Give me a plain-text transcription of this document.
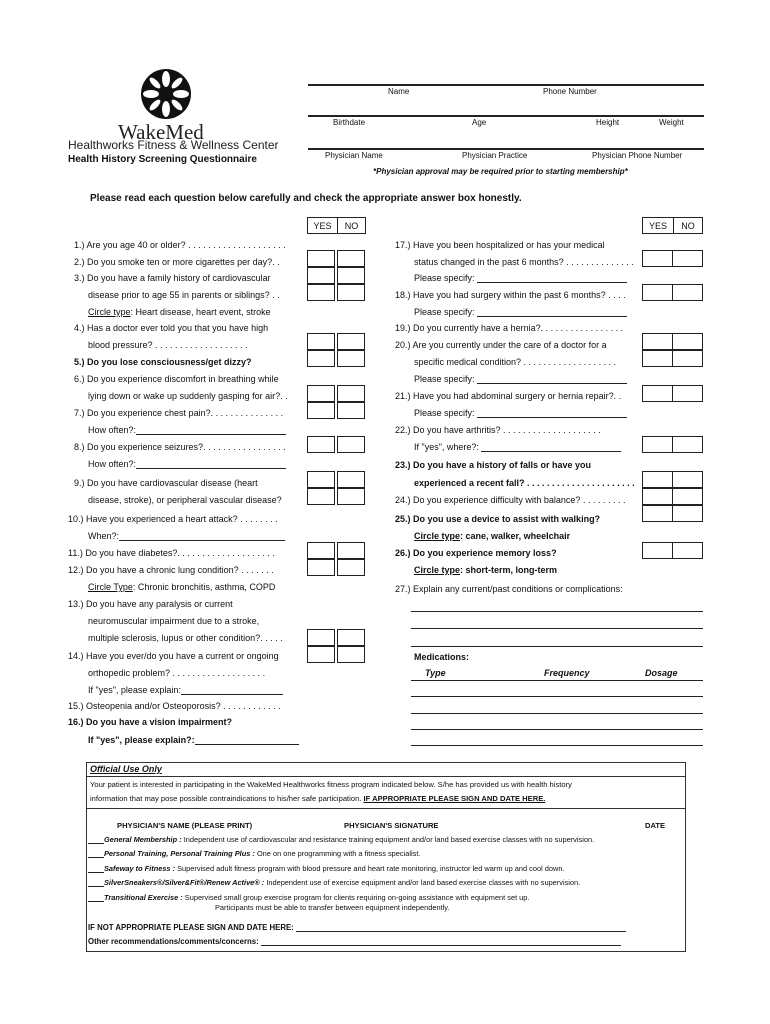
WakeMed
Healthworks Fitness & Wellness Center
Health History Screening Questionnaire
Name	Phone Number
Birthdate	Age	Height	Weight
Physician Name	Physician Practice	Physician Phone Number
*Physician approval may be required prior to starting membership*
Please read each question below carefully and check the appropriate answer box honestly.
YES	NO	YES	NO
1.) Are you age 40 or older? . . . . . . . . . . . . . . . . . . . .
2.) Do you smoke ten or more cigarettes per day?. .
3.) Do you have a family history of cardiovascular
disease prior to age 55 in parents or siblings? . .
Circle type: Heart disease, heart event, stroke
4.) Has a doctor ever told you that you have high
blood pressure? . . . . . . . . . . . . . . . . . . .
5.) Do you lose consciousness/get dizzy?
6.) Do you experience discomfort in breathing while
lying down or wake up suddenly gasping for air?. .
7.) Do you experience chest pain?. . . . . . . . . . . . . . .
How often?:
8.) Do you experience seizures?. . . . . . . . . . . . . . . . .
How often?:
9.) Do you have cardiovascular disease (heart
disease, stroke), or peripheral vascular disease?
10.) Have you experienced a heart attack? . . . . . . . .
When?:
11.) Do you have diabetes?. . . . . . . . . . . . . . . . . . . .
12.) Do you have a chronic lung condition? . . . . . . .
Circle Type: Chronic bronchitis, asthma, COPD
13.) Do you have any paralysis or current
neuromuscular impairment due to a stroke,
multiple sclerosis, lupus or other condition?. . . . .
14.) Have you ever/do you have a current or ongoing
orthopedic problem? . . . . . . . . . . . . . . . . . . .
If "yes", please explain:
15.) Osteopenia and/or Osteoporosis? . . . . . . . . . . . .
16.) Do you have a vision impairment?
If "yes", please explain?:
17.) Have you been hospitalized or has your medical
status changed in the past 6 months? . . . . . . . . . . . . . .
Please specify:
18.) Have you had surgery within the past 6 months? . . . .
Please specify:
19.) Do you currently have a hernia?. . . . . . . . . . . . . . . . .
20.) Are you currently under the care of a doctor for a
specific medical condition? . . . . . . . . . . . . . . . . . . .
Please specify:
21.) Have you had abdominal surgery or hernia repair?. .
Please specify:
22.) Do you have arthritis? . . . . . . . . . . . . . . . . . . . .
If "yes", where?:
23.) Do you have a history of falls or have you
experienced a recent fall? . . . . . . . . . . . . . . . . . . . . . .
24.) Do you experience difficulty with balance? . . . . . . . . .
25.) Do you use a device to assist with walking?
Circle type: cane, walker, wheelchair
26.) Do you experience memory loss?
Circle type: short-term, long-term
27.) Explain any current/past conditions or complications:
Medications:
Type	Frequency	Dosage
Official Use Only
Your patient is interested in participating in the WakeMed Healthworks fitness program indicated below. S/he has provided us with health history
information that may pose possible contraindications to his/her safe participation. IF APPROPRIATE PLEASE SIGN AND DATE HERE.
PHYSICIAN'S NAME (PLEASE PRINT)	PHYSICIAN'S SIGNATURE	DATE
General Membership : Independent use of cardiovascular and resistance training equipment and/or land based exercise classes with no supervision.
Personal Training, Personal Training Plus : One on one programming with a fitness specialist.
Safeway to Fitness : Supervised adult fitness program with blood pressure and heart rate monitoring, instructor led warm up and cool down.
SilverSneakers®/Silver&Fit®/Renew Active® : Independent use of exercise equipment and/or land based exercise classes with no supervision.
Transitional Exercise : Supervised small group exercise program for clients requiring on-going assistance with equipment set up.
Participants must be able to transfer between equipment independently.
IF NOT APPROPRIATE PLEASE SIGN AND DATE HERE:
Other recommendations/comments/concerns:
